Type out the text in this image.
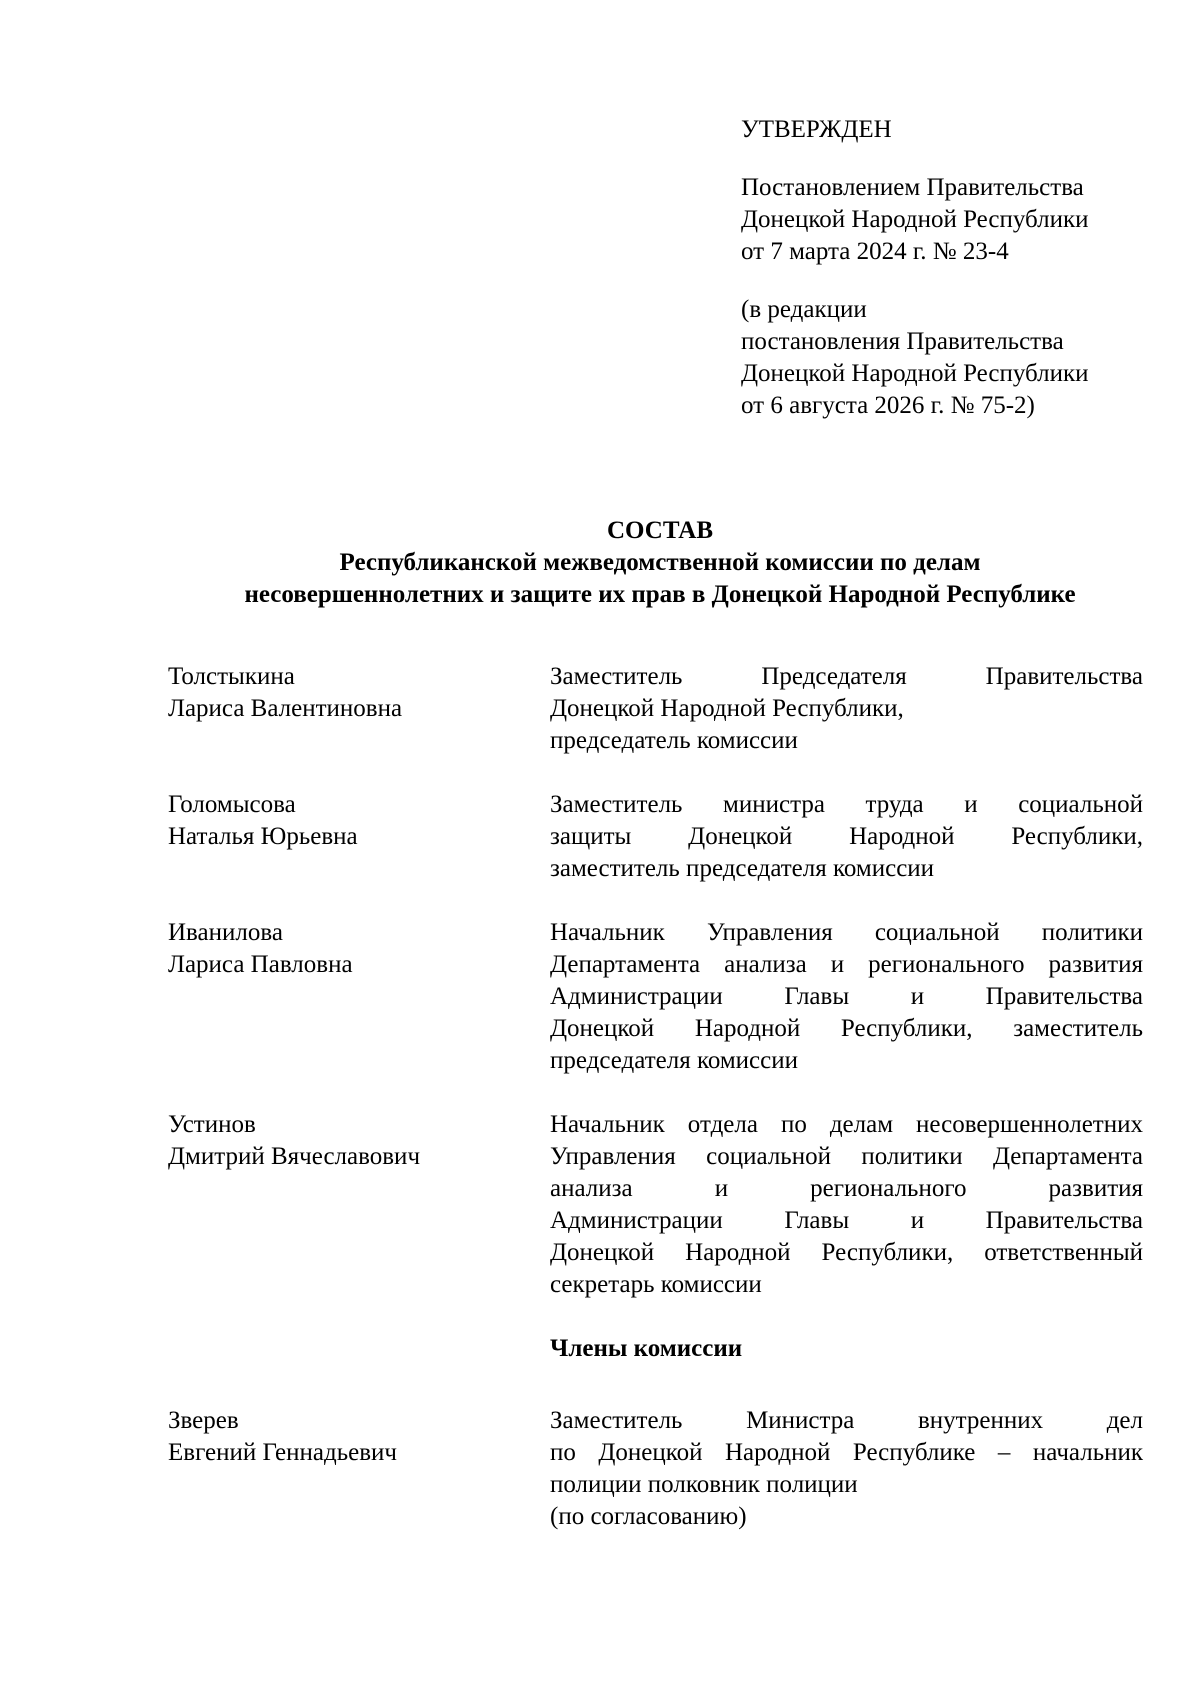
УТВЕРЖДЕН
Постановлением Правительства
Донецкой Народной Республики
от 7 марта 2024 г. № 23-4
(в редакции
постановления Правительства
Донецкой Народной Республики
от 6 августа 2026 г. № 75-2)
СОСТАВ
Республиканской межведомственной комиссии по делам
несовершеннолетних и защите их прав в Донецкой Народной Республике
Толстыкина
Лариса Валентиновна
Заместитель Председателя Правительства
Донецкой Народной Республики,
председатель комиссии
Голомысова
Наталья Юрьевна
Заместитель министра труда и социальной
защиты Донецкой Народной Республики,
заместитель председателя комиссии
Иванилова
Лариса Павловна
Начальник Управления социальной политики
Департамента анализа и регионального развития
Администрации Главы и Правительства
Донецкой Народной Республики, заместитель
председателя комиссии
Устинов
Дмитрий Вячеславович
Начальник отдела по делам несовершеннолетних
Управления социальной политики Департамента
анализа и регионального развития
Администрации Главы и Правительства
Донецкой Народной Республики, ответственный
секретарь комиссии
Члены комиссии
Зверев
Евгений Геннадьевич
Заместитель Министра внутренних дел
по Донецкой Народной Республике – начальник
полиции полковник полиции
(по согласованию)
